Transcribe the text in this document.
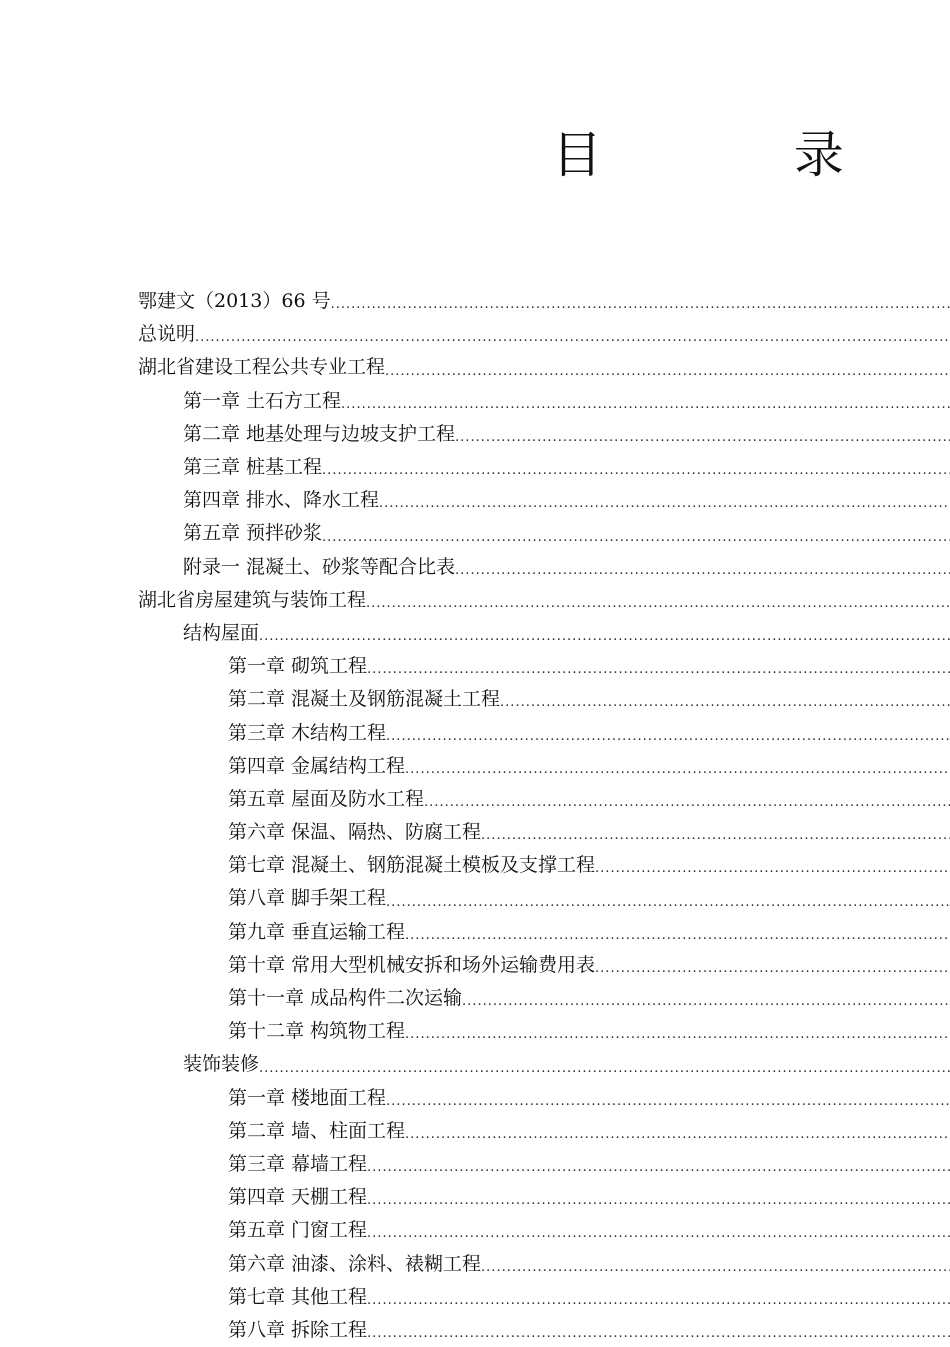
目 录
鄂建文（2013）66 号
.....
总说明
.....
湖北省建设工程公共专业工程
.....
第一章 土石方工程
.....
第二章 地基处理与边坡支护工程
.....
第三章 桩基工程
.....
第四章 排水、降水工程
.....
第五章 预拌砂浆
.....
附录一 混凝土、砂浆等配合比表
.....
湖北省房屋建筑与装饰工程
.....
结构屋面
.....
第一章 砌筑工程
.....
第二章 混凝土及钢筋混凝土工程
.....
第三章 木结构工程
.....
第四章 金属结构工程
.....
第五章 屋面及防水工程
.....
第六章 保温、隔热、防腐工程
.....
第七章 混凝土、钢筋混凝土模板及支撑工程
.....
第八章 脚手架工程
.....
第九章 垂直运输工程
.....
第十章 常用大型机械安拆和场外运输费用表
.....
第十一章 成品构件二次运输
.....
第十二章 构筑物工程
.....
装饰装修
.....
第一章 楼地面工程
.....
第二章 墙、柱面工程
.....
第三章 幕墙工程
.....
第四章 天棚工程
.....
第五章 门窗工程
.....
第六章 油漆、涂料、裱糊工程
.....
第七章 其他工程
.....
第八章 拆除工程
.....
